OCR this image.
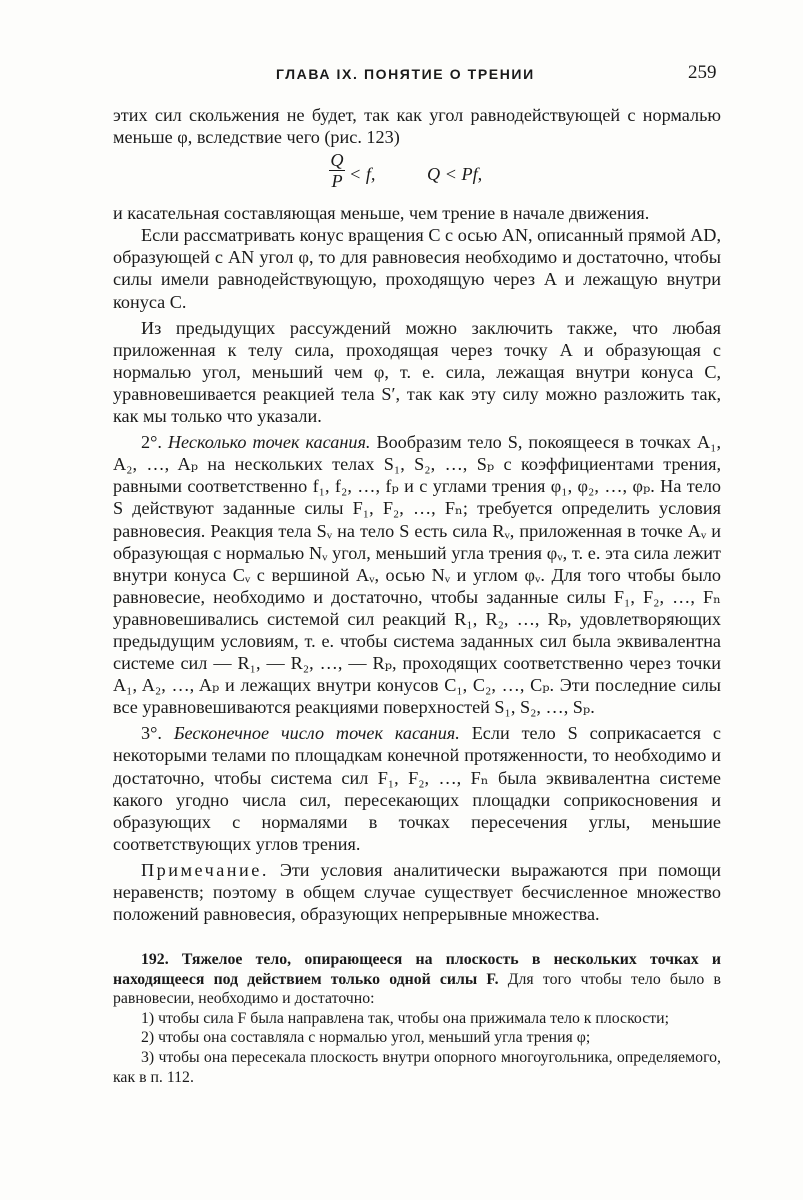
ГЛАВА IX. ПОНЯТИЕ О ТРЕНИИ	259

этих сил скольжения не будет, так как угол равнодействующей с нормалью меньше φ, вследствие чего (рис. 123)

$\frac{Q}{P} < f$,	Q < Pf,

и касательная составляющая меньше, чем трение в начале движения.

Если рассматривать конус вращения C с осью AN, описанный прямой AD, образующей с AN угол φ, то для равновесия необходимо и достаточно, чтобы силы имели равнодействующую, проходящую через A и лежащую внутри конуса C.

Из предыдущих рассуждений можно заключить также, что любая приложенная к телу сила, проходящая через точку A и образующая с нормалью угол, меньший чем φ, т. е. сила, лежащая внутри конуса C, уравновешивается реакцией тела S′, так как эту силу можно разложить так, как мы только что указали.

2°. Несколько точек касания. Вообразим тело S, покоящееся в точках A₁, A₂, …, Aₚ на нескольких телах S₁, S₂, …, Sₚ с коэффициентами трения, равными соответственно f₁, f₂, …, fₚ и с углами трения φ₁, φ₂, …, φₚ. На тело S действуют заданные силы F₁, F₂, …, Fₙ; требуется определить условия равновесия. Реакция тела Sᵥ на тело S есть сила Rᵥ, приложенная в точке Aᵥ и образующая с нормалью Nᵥ угол, меньший угла трения φᵥ, т. е. эта сила лежит внутри конуса Cᵥ с вершиной Aᵥ, осью Nᵥ и углом φᵥ. Для того чтобы было равновесие, необходимо и достаточно, чтобы заданные силы F₁, F₂, …, Fₙ уравновешивались системой сил реакций R₁, R₂, …, Rₚ, удовлетворяющих предыдущим условиям, т. е. чтобы система заданных сил была эквивалентна системе сил — R₁, — R₂, …, — Rₚ, проходящих соответственно через точки A₁, A₂, …, Aₚ и лежащих внутри конусов C₁, C₂, …, Cₚ. Эти последние силы все уравновешиваются реакциями поверхностей S₁, S₂, …, Sₚ.

3°. Бесконечное число точек касания. Если тело S соприкасается с некоторыми телами по площадкам конечной протяженности, то необходимо и достаточно, чтобы система сил F₁, F₂, …, Fₙ была эквивалентна системе какого угодно числа сил, пересекающих площадки соприкосновения и образующих с нормалями в точках пересечения углы, меньшие соответствующих углов трения.

Примечание. Эти условия аналитически выражаются при помощи неравенств; поэтому в общем случае существует бесчисленное множество положений равновесия, образующих непрерывные множества.

192. Тяжелое тело, опирающееся на плоскость в нескольких точках и находящееся под действием только одной силы F. Для того чтобы тело было в равновесии, необходимо и достаточно:

1) чтобы сила F была направлена так, чтобы она прижимала тело к плоскости;

2) чтобы она составляла с нормалью угол, меньший угла трения φ;

3) чтобы она пересекала плоскость внутри опорного многоугольника, определяемого, как в п. 112.
